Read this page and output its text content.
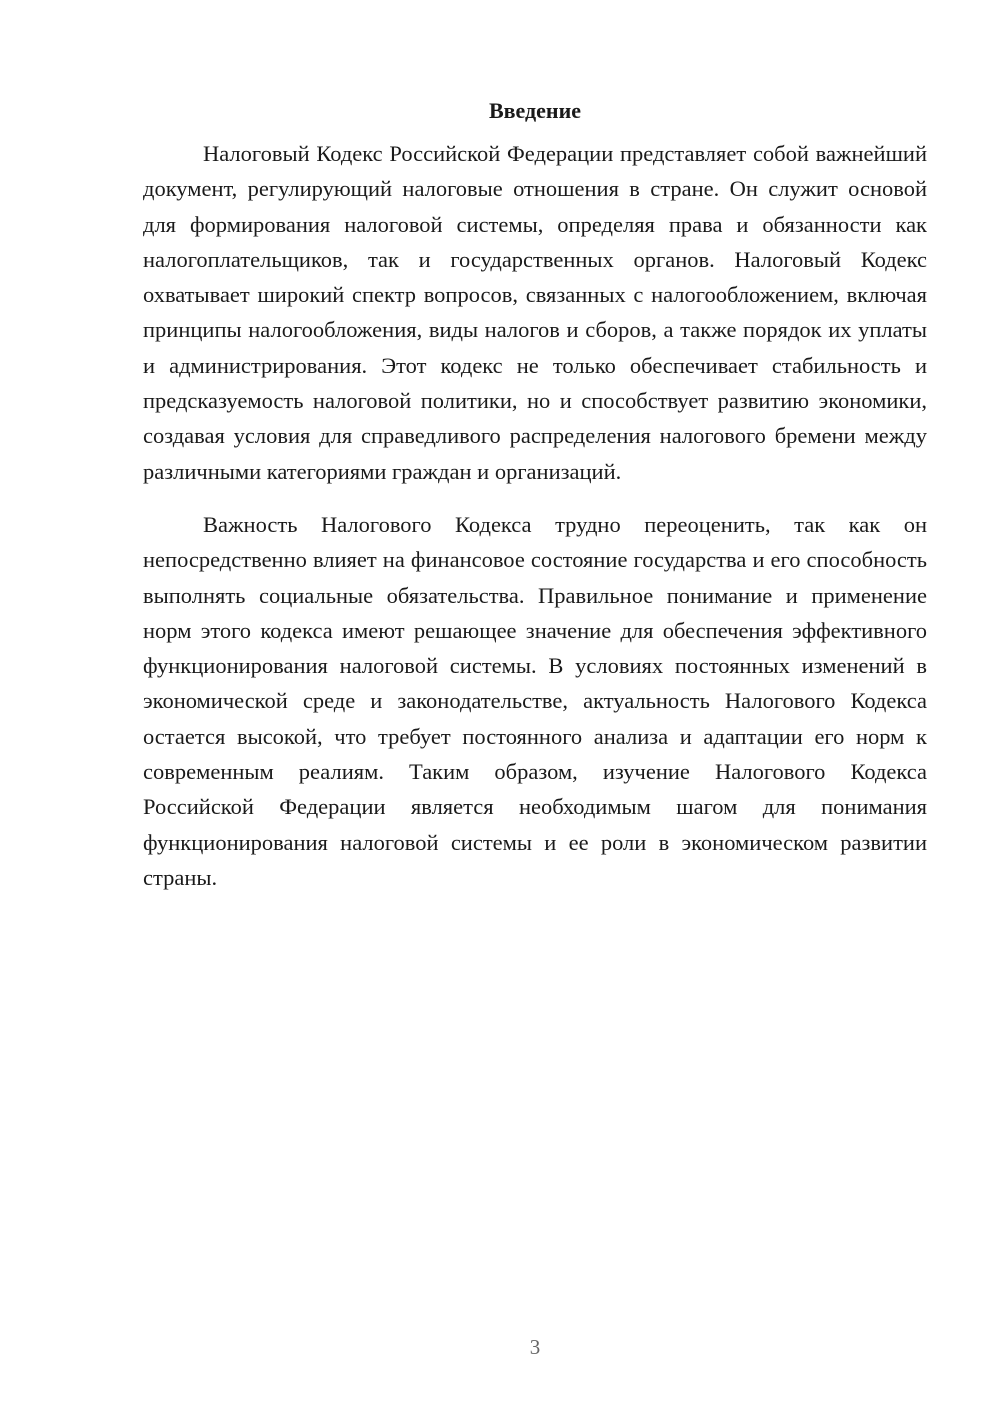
Введение

Налоговый Кодекс Российской Федерации представляет собой важнейший документ, регулирующий налоговые отношения в стране. Он служит основой для формирования налоговой системы, определяя права и обязанности как налогоплательщиков, так и государственных органов. Налоговый Кодекс охватывает широкий спектр вопросов, связанных с налогообложением, включая принципы налогообложения, виды налогов и сборов, а также порядок их уплаты и администрирования. Этот кодекс не только обеспечивает стабильность и предсказуемость налоговой политики, но и способствует развитию экономики, создавая условия для справедливого распределения налогового бремени между различными категориями граждан и организаций.

Важность Налогового Кодекса трудно переоценить, так как он непосредственно влияет на финансовое состояние государства и его способность выполнять социальные обязательства. Правильное понимание и применение норм этого кодекса имеют решающее значение для обеспечения эффективного функционирования налоговой системы. В условиях постоянных изменений в экономической среде и законодательстве, актуальность Налогового Кодекса остается высокой, что требует постоянного анализа и адаптации его норм к современным реалиям. Таким образом, изучение Налогового Кодекса Российской Федерации является необходимым шагом для понимания функционирования налоговой системы и ее роли в экономическом развитии страны.

3
